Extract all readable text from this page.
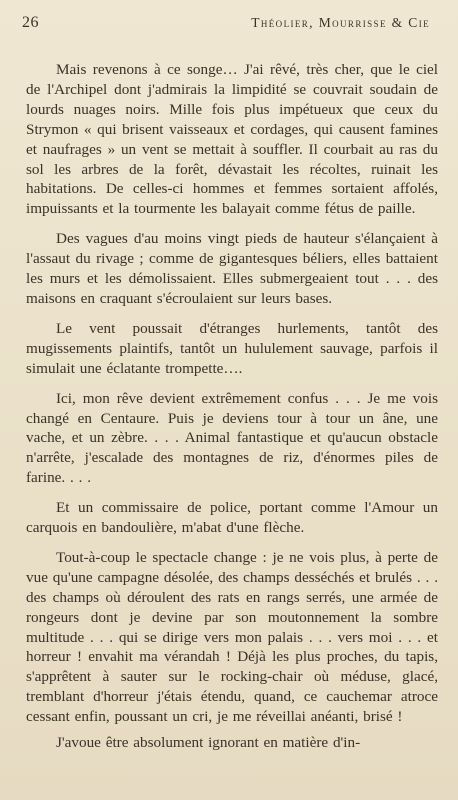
26	Théolier, Mourrisse & Cie

Mais revenons à ce songe… J'ai rêvé, très cher, que le ciel de l'Archipel dont j'admirais la limpidité se couvrait soudain de lourds nuages noirs. Mille fois plus impétueux que ceux du Strymon « qui brisent vaisseaux et cordages, qui causent famines et naufrages » un vent se mettait à souffler. Il courbait au ras du sol les arbres de la forêt, dévastait les récoltes, ruinait les habitations. De celles-ci hommes et femmes sortaient affolés, impuissants et la tourmente les balayait comme fétus de paille.

Des vagues d'au moins vingt pieds de hauteur s'élançaient à l'assaut du rivage ; comme de gigantesques béliers, elles battaient les murs et les démolissaient. Elles submergeaient tout . . . des maisons en craquant s'écroulaient sur leurs bases.

Le vent poussait d'étranges hurlements, tantôt des mugissements plaintifs, tantôt un hululement sauvage, parfois il simulait une éclatante trompette….

Ici, mon rêve devient extrêmement confus . . . Je me vois changé en Centaure. Puis je deviens tour à tour un âne, une vache, et un zèbre. . . . Animal fantastique et qu'aucun obstacle n'arrête, j'escalade des montagnes de riz, d'énormes piles de farine. . . .

Et un commissaire de police, portant comme l'Amour un carquois en bandoulière, m'abat d'une flèche.

Tout-à-coup le spectacle change : je ne vois plus, à perte de vue qu'une campagne désolée, des champs desséchés et brulés . . . des champs où déroulent des rats en rangs serrés, une armée de rongeurs dont je devine par son moutonnement la sombre multitude . . . qui se dirige vers mon palais . . . vers moi . . . et horreur ! envahit ma vérandah ! Déjà les plus proches, du tapis, s'apprêtent à sauter sur le rocking-chair où méduse, glacé, tremblant d'horreur j'étais étendu, quand, ce cauchemar atroce cessant enfin, poussant un cri, je me réveillai anéanti, brisé !

J'avoue être absolument ignorant en matière d'in-
